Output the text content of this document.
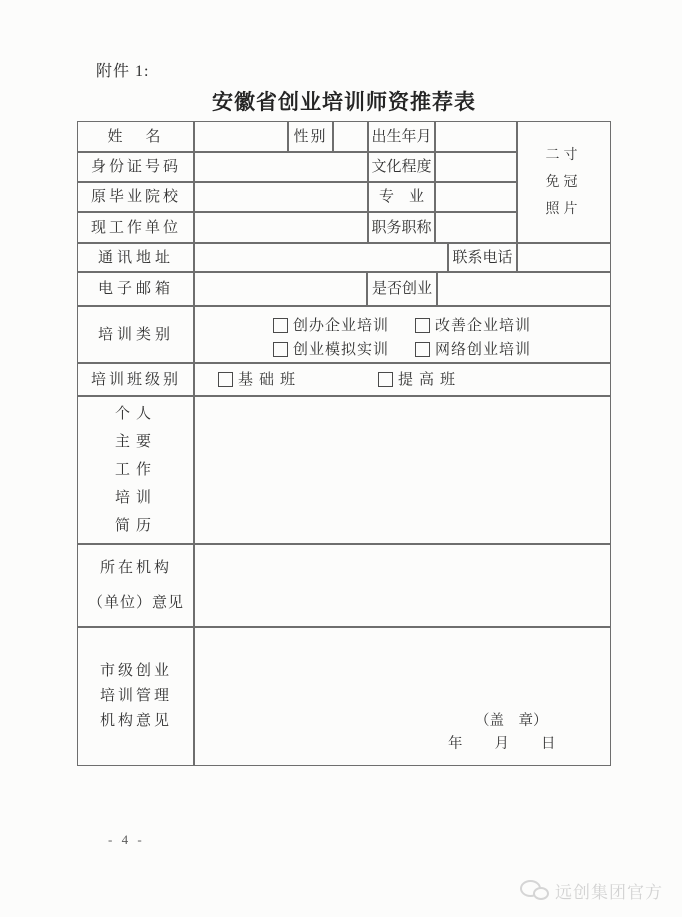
附件 1:
安徽省创业培训师资推荐表
姓　名	性别	出生年月
二寸
免冠
照片
身份证号码	文化程度
原毕业院校	专　业
现工作单位	职务职称
通讯地址	联系电话
电子邮箱	是否创业
培训类别
创办企业培训	改善企业培训
创业模拟实训	网络创业培训
培训班级别	基础班	提高班
个人
主要
工作
培训
简历
所在机构
（单位）意见
市级创业
培训管理
机构意见	（盖　章）
年　　月　　日
- 4 -
远创集团官方
